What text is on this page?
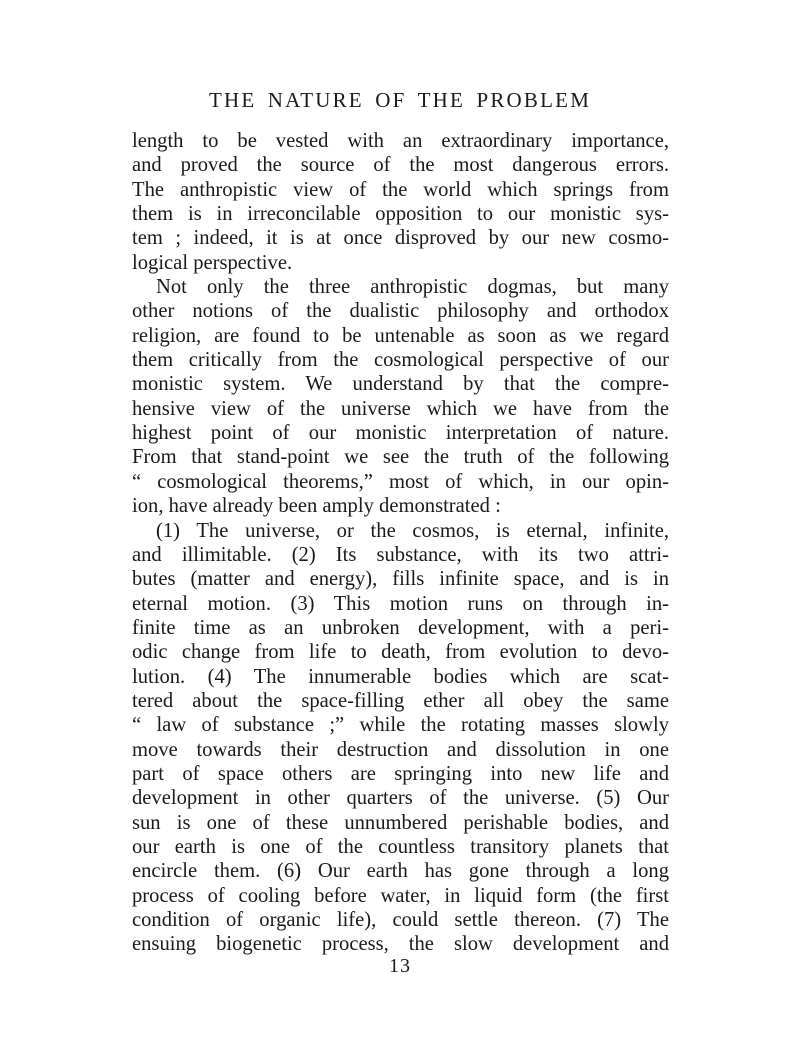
THE NATURE OF THE PROBLEM
length to be vested with an extraordinary importance,
and proved the source of the most dangerous errors.
The anthropistic view of the world which springs from
them is in irreconcilable opposition to our monistic sys-
tem ; indeed, it is at once disproved by our new cosmo-
logical perspective.
Not only the three anthropistic dogmas, but many
other notions of the dualistic philosophy and orthodox
religion, are found to be untenable as soon as we regard
them critically from the cosmological perspective of our
monistic system. We understand by that the compre-
hensive view of the universe which we have from the
highest point of our monistic interpretation of nature.
From that stand-point we see the truth of the following
“ cosmological theorems,” most of which, in our opin-
ion, have already been amply demonstrated :
(1) The universe, or the cosmos, is eternal, infinite,
and illimitable. (2) Its substance, with its two attri-
butes (matter and energy), fills infinite space, and is in
eternal motion. (3) This motion runs on through in-
finite time as an unbroken development, with a peri-
odic change from life to death, from evolution to devo-
lution. (4) The innumerable bodies which are scat-
tered about the space-filling ether all obey the same
“ law of substance ;” while the rotating masses slowly
move towards their destruction and dissolution in one
part of space others are springing into new life and
development in other quarters of the universe. (5) Our
sun is one of these unnumbered perishable bodies, and
our earth is one of the countless transitory planets that
encircle them. (6) Our earth has gone through a long
process of cooling before water, in liquid form (the first
condition of organic life), could settle thereon. (7) The
ensuing biogenetic process, the slow development and
13
